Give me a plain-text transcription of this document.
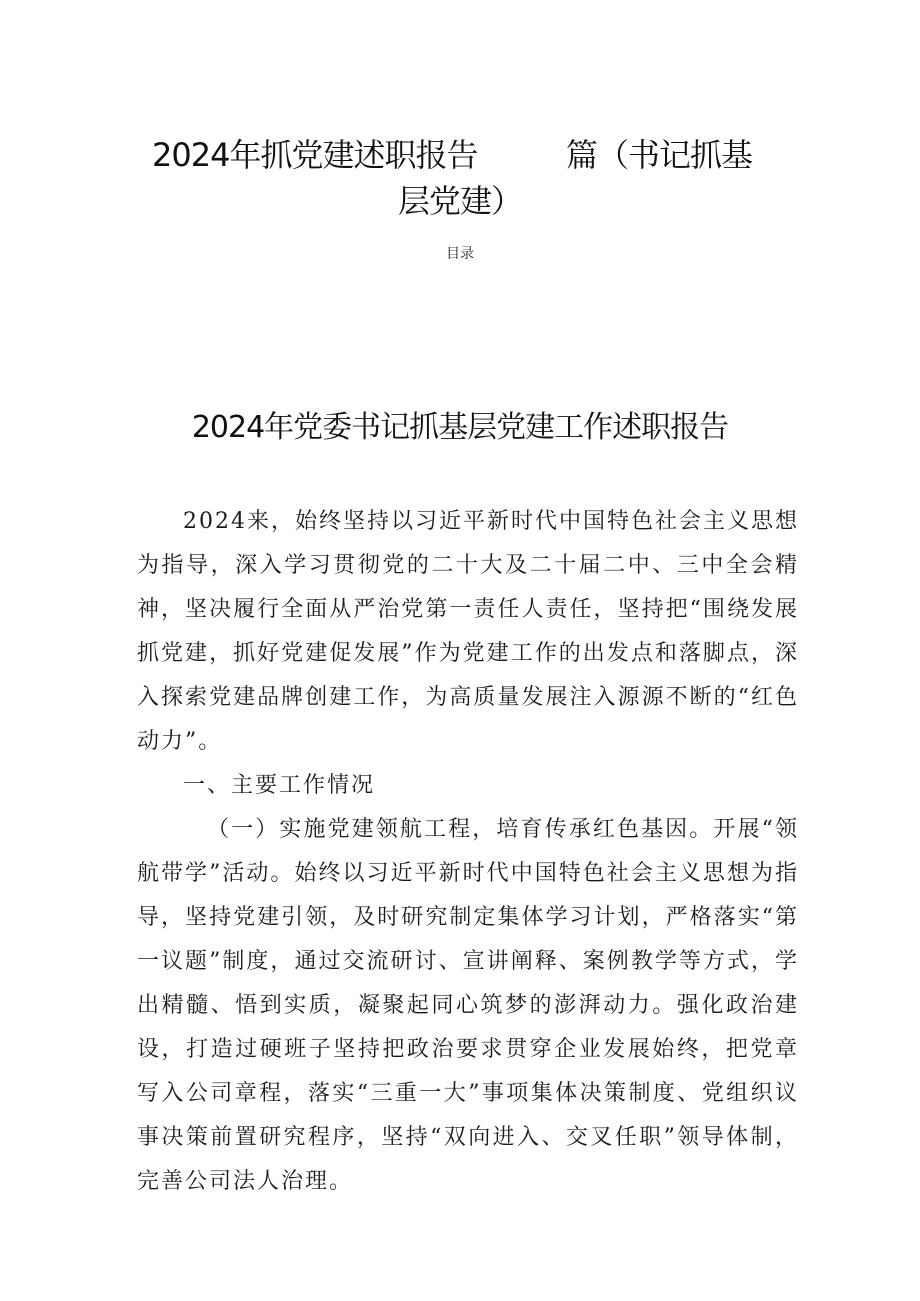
2024年抓党建述职报告	篇（书记抓基
层党建）
目录
2024年党委书记抓基层党建工作述职报告

2024来，始终坚持以习近平新时代中国特色社会主义思想为指导，深入学习贯彻党的二十大及二十届二中、三中全会精神，坚决履行全面从严治党第一责任人责任，坚持把“围绕发展抓党建，抓好党建促发展”作为党建工作的出发点和落脚点，深入探索党建品牌创建工作，为高质量发展注入源源不断的“红色动力”。

一、主要工作情况

（一）实施党建领航工程，培育传承红色基因。开展“领航带学”活动。始终以习近平新时代中国特色社会主义思想为指导，坚持党建引领，及时研究制定集体学习计划，严格落实“第一议题”制度，通过交流研讨、宣讲阐释、案例教学等方式，学出精髓、悟到实质，凝聚起同心筑梦的澎湃动力。强化政治建设，打造过硬班子坚持把政治要求贯穿企业发展始终，把党章写入公司章程，落实“三重一大”事项集体决策制度、党组织议事决策前置研究程序，坚持“双向进入、交叉任职”领导体制，完善公司法人治理。
